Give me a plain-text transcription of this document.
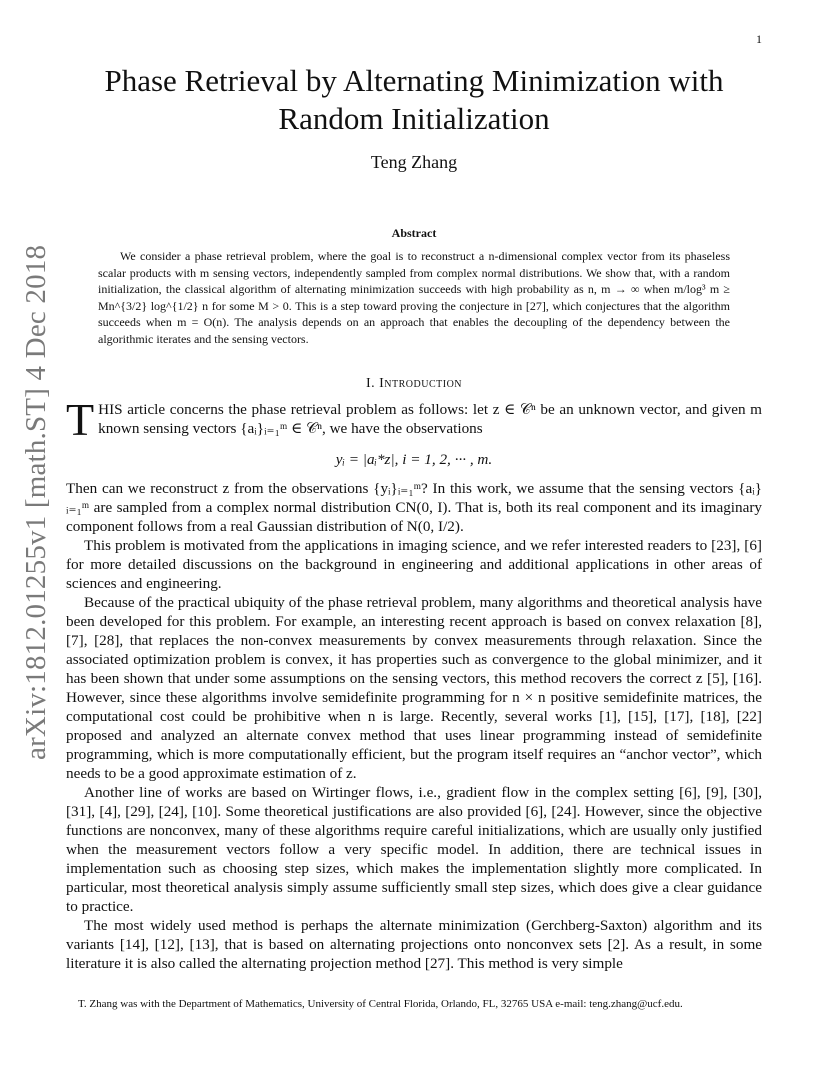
1
arXiv:1812.01255v1 [math.ST] 4 Dec 2018
Phase Retrieval by Alternating Minimization with Random Initialization
Teng Zhang
Abstract
We consider a phase retrieval problem, where the goal is to reconstruct a n-dimensional complex vector from its phaseless scalar products with m sensing vectors, independently sampled from complex normal distributions. We show that, with a random initialization, the classical algorithm of alternating minimization succeeds with high probability as n, m → ∞ when m/log³ m ≥ Mn^{3/2} log^{1/2} n for some M > 0. This is a step toward proving the conjecture in [27], which conjectures that the algorithm succeeds when m = O(n). The analysis depends on an approach that enables the decoupling of the dependency between the algorithmic iterates and the sensing vectors.
I. Introduction

T HIS article concerns the phase retrieval problem as follows: let z ∈ 𝒞ⁿ be an unknown vector, and given m known sensing vectors {aᵢ}ᵢ₌₁ᵐ ∈ 𝒞ⁿ, we have the observations

yᵢ = |aᵢ*z|, i = 1, 2, ··· , m.

Then can we reconstruct z from the observations {yᵢ}ᵢ₌₁ᵐ? In this work, we assume that the sensing vectors {aᵢ}ᵢ₌₁ᵐ are sampled from a complex normal distribution CN(0, I). That is, both its real component and its imaginary component follows from a real Gaussian distribution of N(0, I/2).

This problem is motivated from the applications in imaging science, and we refer interested readers to [23], [6] for more detailed discussions on the background in engineering and additional applications in other areas of sciences and engineering.

Because of the practical ubiquity of the phase retrieval problem, many algorithms and theoretical analysis have been developed for this problem. For example, an interesting recent approach is based on convex relaxation [8], [7], [28], that replaces the non-convex measurements by convex measurements through relaxation. Since the associated optimization problem is convex, it has properties such as convergence to the global minimizer, and it has been shown that under some assumptions on the sensing vectors, this method recovers the correct z [5], [16]. However, since these algorithms involve semidefinite programming for n × n positive semidefinite matrices, the computational cost could be prohibitive when n is large. Recently, several works [1], [15], [17], [18], [22] proposed and analyzed an alternate convex method that uses linear programming instead of semidefinite programming, which is more computationally efficient, but the program itself requires an “anchor vector”, which needs to be a good approximate estimation of z.

Another line of works are based on Wirtinger flows, i.e., gradient flow in the complex setting [6], [9], [30], [31], [4], [29], [24], [10]. Some theoretical justifications are also provided [6], [24]. However, since the objective functions are nonconvex, many of these algorithms require careful initializations, which are usually only justified when the measurement vectors follow a very specific model. In addition, there are technical issues in implementation such as choosing step sizes, which makes the implementation slightly more complicated. In particular, most theoretical analysis simply assume sufficiently small step sizes, which does give a clear guidance to practice.

The most widely used method is perhaps the alternate minimization (Gerchberg-Saxton) algorithm and its variants [14], [12], [13], that is based on alternating projections onto nonconvex sets [2]. As a result, in some literature it is also called the alternating projection method [27]. This method is very simple

T. Zhang was with the Department of Mathematics, University of Central Florida, Orlando, FL, 32765 USA e-mail: teng.zhang@ucf.edu.
